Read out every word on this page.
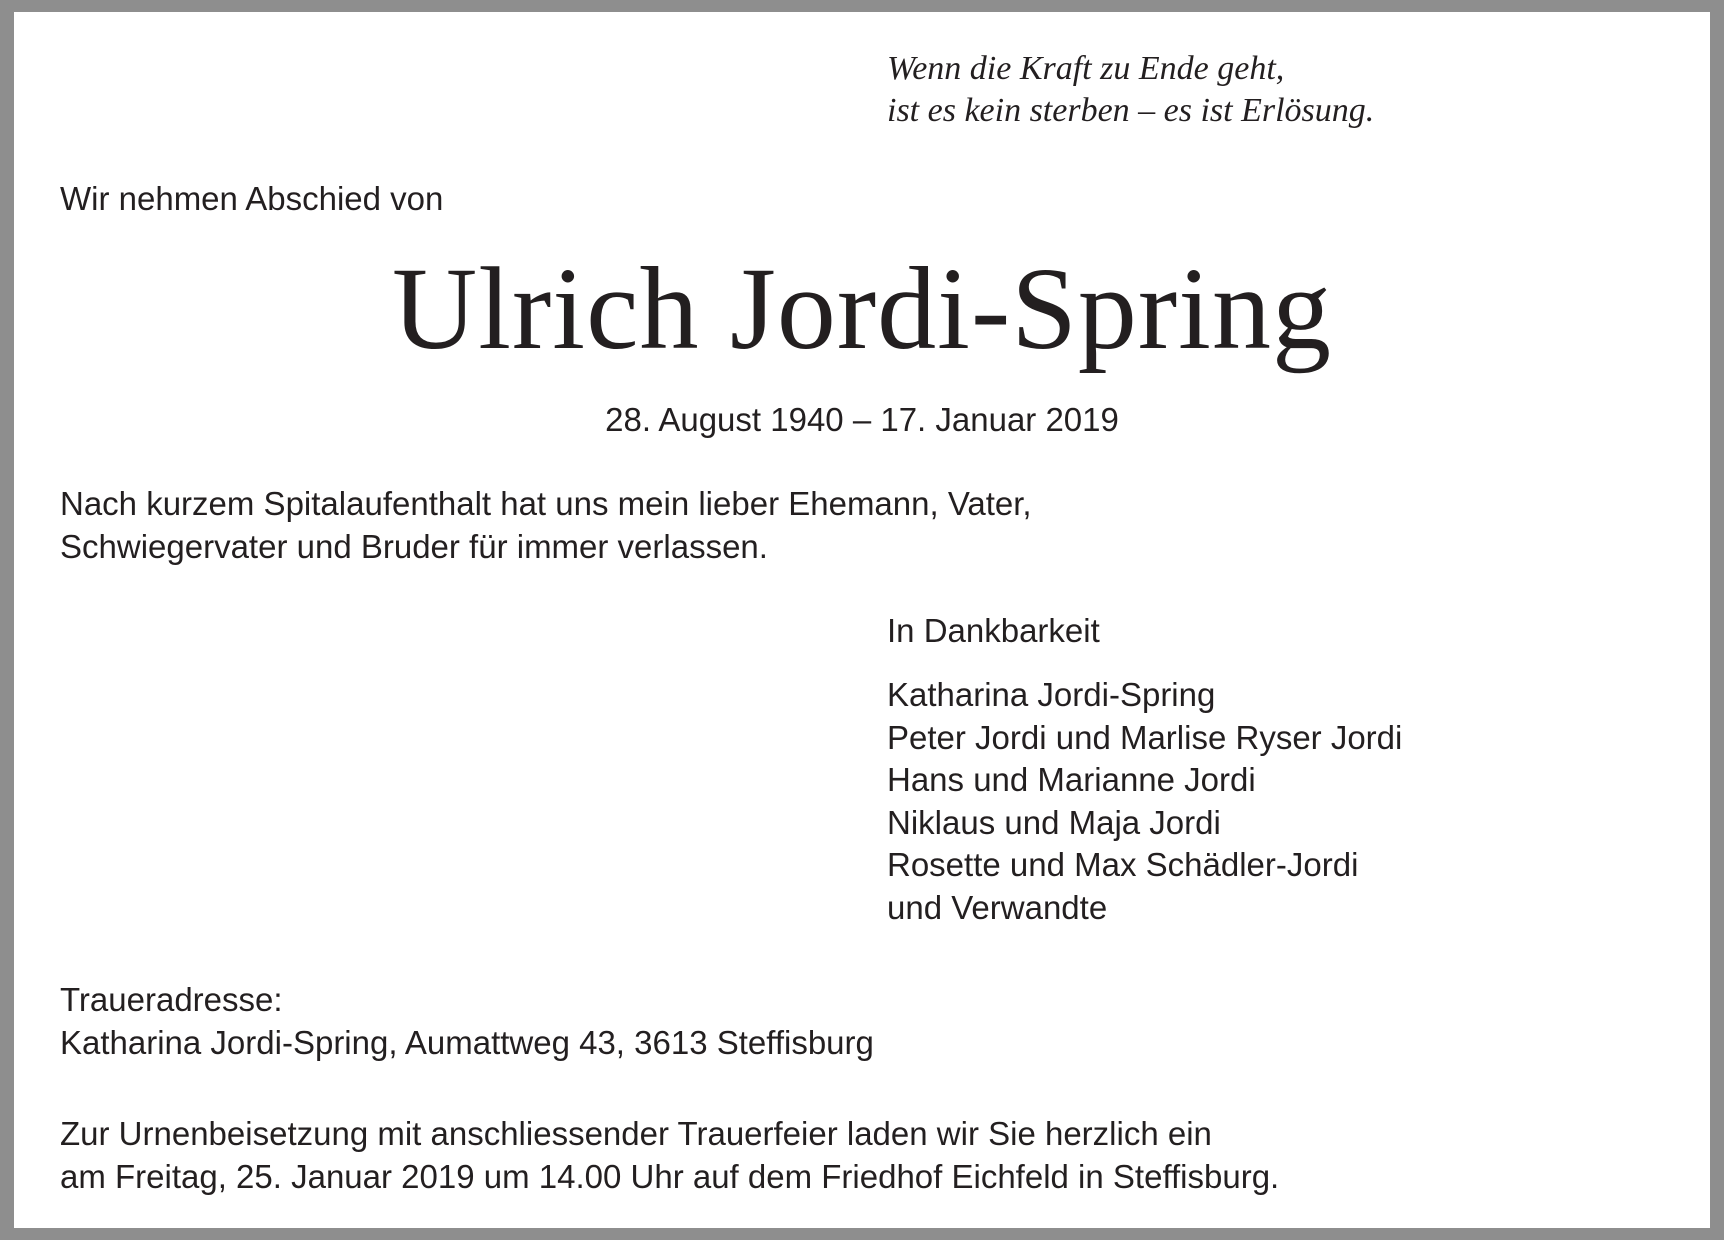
Wenn die Kraft zu Ende geht,
ist es kein sterben – es ist Erlösung.
Wir nehmen Abschied von
Ulrich Jordi-Spring
28. August 1940 – 17. Januar 2019
Nach kurzem Spitalaufenthalt hat uns mein lieber Ehemann, Vater,
Schwiegervater und Bruder für immer verlassen.
In Dankbarkeit
Katharina Jordi-Spring
Peter Jordi und Marlise Ryser Jordi
Hans und Marianne Jordi
Niklaus und Maja Jordi
Rosette und Max Schädler-Jordi
und Verwandte
Traueradresse:
Katharina Jordi-Spring, Aumattweg 43, 3613 Steffisburg
Zur Urnenbeisetzung mit anschliessender Trauerfeier laden wir Sie herzlich ein
am Freitag, 25. Januar 2019 um 14.00 Uhr auf dem Friedhof Eichfeld in Steffisburg.
